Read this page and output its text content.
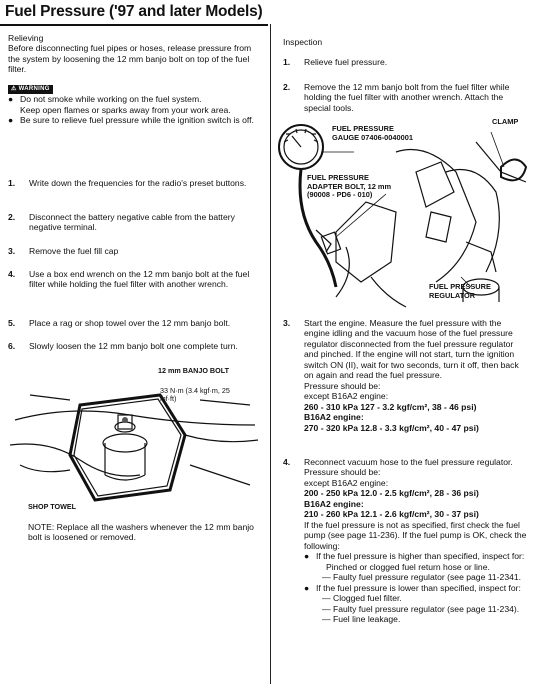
Fuel Pressure ('97 and later Models)

Relieving

Before disconnecting fuel pipes or hoses, release pressure from the system by loosening the 12 mm banjo bolt on top of the fuel filter.

⚠ WARNING
● Do not smoke while working on the fuel system.
Keep open flames or sparks away from your work area.
● Be sure to relieve fuel pressure while the ignition switch is off.
1.	Write down the frequencies for the radio's preset buttons.
2.	Disconnect the battery negative cable from the battery negative terminal.
3.	Remove the fuel fill cap
4.	Use a box end wrench on the 12 mm banjo bolt at the fuel filter while holding the fuel filter with another wrench.
5.	Place a rag or shop towel over the 12 mm banjo bolt.
6.	Slowly loosen the 12 mm banjo bolt one complete turn.
12 mm BANJO BOLT
33 N·m (3.4 kgf·m, 25 lbf·ft)
SHOP TOWEL
NOTE: Replace all the washers whenever the 12 mm banjo bolt is loosened or removed.
Inspection
1.	Relieve fuel pressure.
2.	Remove the 12 mm banjo bolt from the fuel filter while holding the fuel filter with another wrench. Attach the special tools.
FUEL PRESSURE GAUGE 07406-0040001
FUEL PRESSURE ADAPTER BOLT, 12 mm (90008 - PD6 - 010)
CLAMP
FUEL PRESSURE REGULATOR
3.	Start the engine. Measure the fuel pressure with the engine idling and the vacuum hose of the fuel pressure regulator disconnected from the fuel pressure regulator and pinched. If the engine will not start, turn the ignition switch ON (II), wait for two seconds, turn it off, then back on again and read the fuel pressure.

Pressure should be:

except B16A2 engine:

260 - 310 kPa 127 - 3.2 kgf/cm², 38 - 46 psi)

B16A2 engine:

270 - 320 kPa 12.8 - 3.3 kgf/cm², 40 - 47 psi)

4.	Reconnect vacuum hose to the fuel pressure regulator.

Pressure should be:

except B16A2 engine:

200 - 250 kPa 12.0 - 2.5 kgf/cm², 28 - 36 psi)

B16A2 engine:

210 - 260 kPa 12.1 - 2.6 kgf/cm², 30 - 37 psi)

If the fuel pressure is not as specified, first check the fuel pump (see page 11-236). If the fuel pump is OK, check the following:

● If the fuel pressure is higher than specified, inspect for:
Pinched or clogged fuel return hose or line.
— Faulty fuel pressure regulator (see page 11-2341.
● If the fuel pressure is lower than specified, inspect for:
— Clogged fuel filter.
— Faulty fuel pressure regulator (see page 11-234).
— Fuel line leakage.
